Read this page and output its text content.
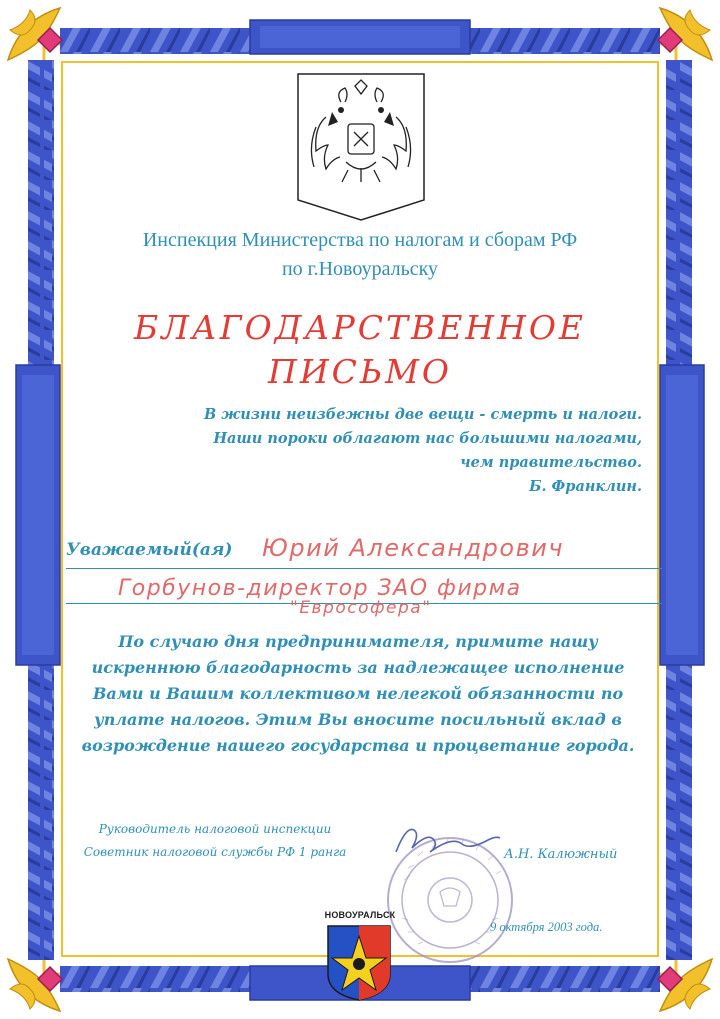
Инспекция Министерства по налогам и сборам РФ
по г.Новоуральску
БЛАГОДАРСТВЕННОЕ
ПИСЬМО
В жизни неизбежны две вещи - смерть и налоги.
Наши пороки облагают нас большими налогами,
чем правительство.
Б. Франклин.
Уважаемый(ая) Юрий Александрович
Горбунов-директор ЗАО фирма
"Еврософера"
По случаю дня предпринимателя, примите нашу
искреннюю благодарность за надлежащее исполнение
Вами и Вашим коллективом нелегкой обязанности по
уплате налогов. Этим Вы вносите посильный вклад в
возрождение нашего государства и процветание города.
Руководитель налоговой инспекции
Советник налоговой службы РФ 1 ранга	А.Н. Калюжный
9 октября 2003 года.
НОВОУРАЛЬСК
